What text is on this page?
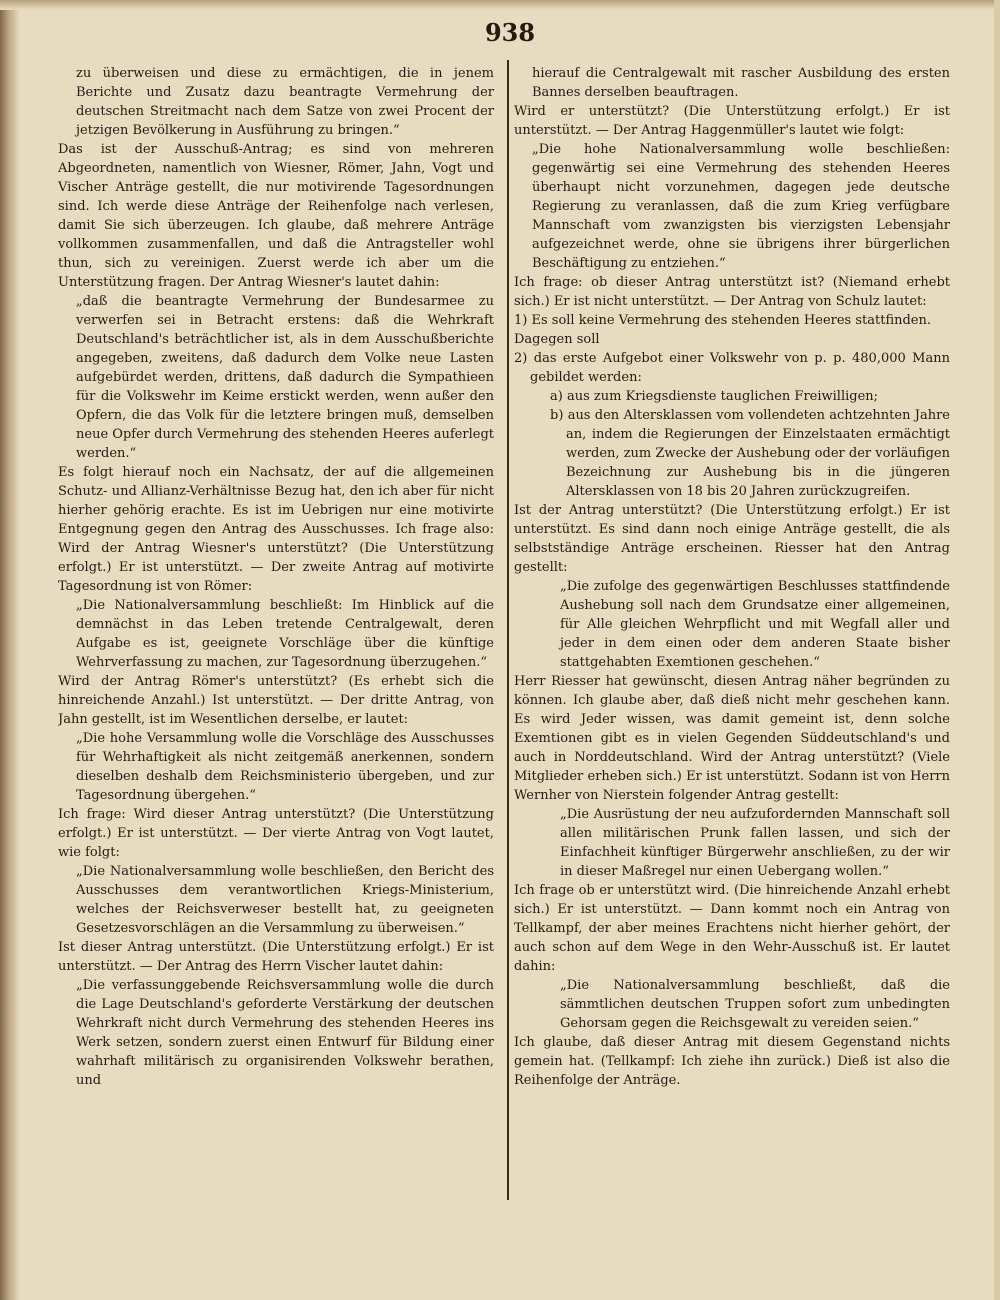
938

zu überweisen und diese zu ermächtigen, die in jenem Berichte und Zusatz dazu beantragte Vermehrung der deutschen Streitmacht nach dem Satze von zwei Procent der jetzigen Bevölkerung in Ausführung zu bringen.“

Das ist der Ausschuß-Antrag; es sind von mehreren Abgeordneten, namentlich von Wiesner, Römer, Jahn, Vogt und Vischer Anträge gestellt, die nur motivirende Tagesordnungen sind. Ich werde diese Anträge der Reihenfolge nach verlesen, damit Sie sich überzeugen. Ich glaube, daß mehrere Anträge vollkommen zusammenfallen, und daß die Antragsteller wohl thun, sich zu vereinigen. Zuerst werde ich aber um die Unterstützung fragen. Der Antrag Wiesner's lautet dahin:

„daß die beantragte Vermehrung der Bundesarmee zu verwerfen sei in Betracht erstens: daß die Wehrkraft Deutschland's beträchtlicher ist, als in dem Ausschußberichte angegeben, zweitens, daß dadurch dem Volke neue Lasten aufgebürdet werden, drittens, daß dadurch die Sympathieen für die Volkswehr im Keime erstickt werden, wenn außer den Opfern, die das Volk für die letztere bringen muß, demselben neue Opfer durch Vermehrung des stehenden Heeres auferlegt werden.“

Es folgt hierauf noch ein Nachsatz, der auf die allgemeinen Schutz- und Allianz-Verhältnisse Bezug hat, den ich aber für nicht hierher gehörig erachte. Es ist im Uebrigen nur eine motivirte Entgegnung gegen den Antrag des Ausschusses. Ich frage also: Wird der Antrag Wiesner's unterstützt? (Die Unterstützung erfolgt.) Er ist unterstützt. — Der zweite Antrag auf motivirte Tagesordnung ist von Römer:

„Die Nationalversammlung beschließt: Im Hinblick auf die demnächst in das Leben tretende Centralgewalt, deren Aufgabe es ist, geeignete Vorschläge über die künftige Wehrverfassung zu machen, zur Tagesordnung überzugehen.“

Wird der Antrag Römer's unterstützt? (Es erhebt sich die hinreichende Anzahl.) Ist unterstützt. — Der dritte Antrag, von Jahn gestellt, ist im Wesentlichen derselbe, er lautet:

„Die hohe Versammlung wolle die Vorschläge des Ausschusses für Wehrhaftigkeit als nicht zeitgemäß anerkennen, sondern dieselben deshalb dem Reichsministerio übergeben, und zur Tagesordnung übergehen.“

Ich frage: Wird dieser Antrag unterstützt? (Die Unterstützung erfolgt.) Er ist unterstützt. — Der vierte Antrag von Vogt lautet, wie folgt:

„Die Nationalversammlung wolle beschließen, den Bericht des Ausschusses dem verantwortlichen Kriegs-Ministerium, welches der Reichsverweser bestellt hat, zu geeigneten Gesetzesvorschlägen an die Versammlung zu überweisen.“

Ist dieser Antrag unterstützt. (Die Unterstützung erfolgt.) Er ist unterstützt. — Der Antrag des Herrn Vischer lautet dahin:

„Die verfassunggebende Reichsversammlung wolle die durch die Lage Deutschland's geforderte Verstärkung der deutschen Wehrkraft nicht durch Vermehrung des stehenden Heeres ins Werk setzen, sondern zuerst einen Entwurf für Bildung einer wahrhaft militärisch zu organisirenden Volkswehr berathen, und

hierauf die Centralgewalt mit rascher Ausbildung des ersten Bannes derselben beauftragen.

Wird er unterstützt? (Die Unterstützung erfolgt.) Er ist unterstützt. — Der Antrag Haggenmüller's lautet wie folgt:

„Die hohe Nationalversammlung wolle beschließen: gegenwärtig sei eine Vermehrung des stehenden Heeres überhaupt nicht vorzunehmen, dagegen jede deutsche Regierung zu veranlassen, daß die zum Krieg verfügbare Mannschaft vom zwanzigsten bis vierzigsten Lebensjahr aufgezeichnet werde, ohne sie übrigens ihrer bürgerlichen Beschäftigung zu entziehen.“

Ich frage: ob dieser Antrag unterstützt ist? (Niemand erhebt sich.) Er ist nicht unterstützt. — Der Antrag von Schulz lautet:

1) Es soll keine Vermehrung des stehenden Heeres stattfinden.

Dagegen soll

2) das erste Aufgebot einer Volkswehr von p. p. 480,000 Mann gebildet werden:

a) aus zum Kriegsdienste tauglichen Freiwilligen;

b) aus den Altersklassen vom vollendeten achtzehnten Jahre an, indem die Regierungen der Einzelstaaten ermächtigt werden, zum Zwecke der Aushebung oder der vorläufigen Bezeichnung zur Aushebung bis in die jüngeren Altersklassen von 18 bis 20 Jahren zurückzugreifen.

Ist der Antrag unterstützt? (Die Unterstützung erfolgt.) Er ist unterstützt. Es sind dann noch einige Anträge gestellt, die als selbstständige Anträge erscheinen. Riesser hat den Antrag gestellt:

„Die zufolge des gegenwärtigen Beschlusses stattfindende Aushebung soll nach dem Grundsatze einer allgemeinen, für Alle gleichen Wehrpflicht und mit Wegfall aller und jeder in dem einen oder dem anderen Staate bisher stattgehabten Exemtionen geschehen.“

Herr Riesser hat gewünscht, diesen Antrag näher begründen zu können. Ich glaube aber, daß dieß nicht mehr geschehen kann. Es wird Jeder wissen, was damit gemeint ist, denn solche Exemtionen gibt es in vielen Gegenden Süddeutschland's und auch in Norddeutschland. Wird der Antrag unterstützt? (Viele Mitglieder erheben sich.) Er ist unterstützt. Sodann ist von Herrn Wernher von Nierstein folgender Antrag gestellt:

„Die Ausrüstung der neu aufzufordernden Mannschaft soll allen militärischen Prunk fallen lassen, und sich der Einfachheit künftiger Bürgerwehr anschließen, zu der wir in dieser Maßregel nur einen Uebergang wollen.“

Ich frage ob er unterstützt wird. (Die hinreichende Anzahl erhebt sich.) Er ist unterstützt. — Dann kommt noch ein Antrag von Tellkampf, der aber meines Erachtens nicht hierher gehört, der auch schon auf dem Wege in den Wehr-Ausschuß ist. Er lautet dahin:

„Die Nationalversammlung beschließt, daß die sämmtlichen deutschen Truppen sofort zum unbedingten Gehorsam gegen die Reichsgewalt zu vereiden seien.“

Ich glaube, daß dieser Antrag mit diesem Gegenstand nichts gemein hat. (Tellkampf: Ich ziehe ihn zurück.) Dieß ist also die Reihenfolge der Anträge.
